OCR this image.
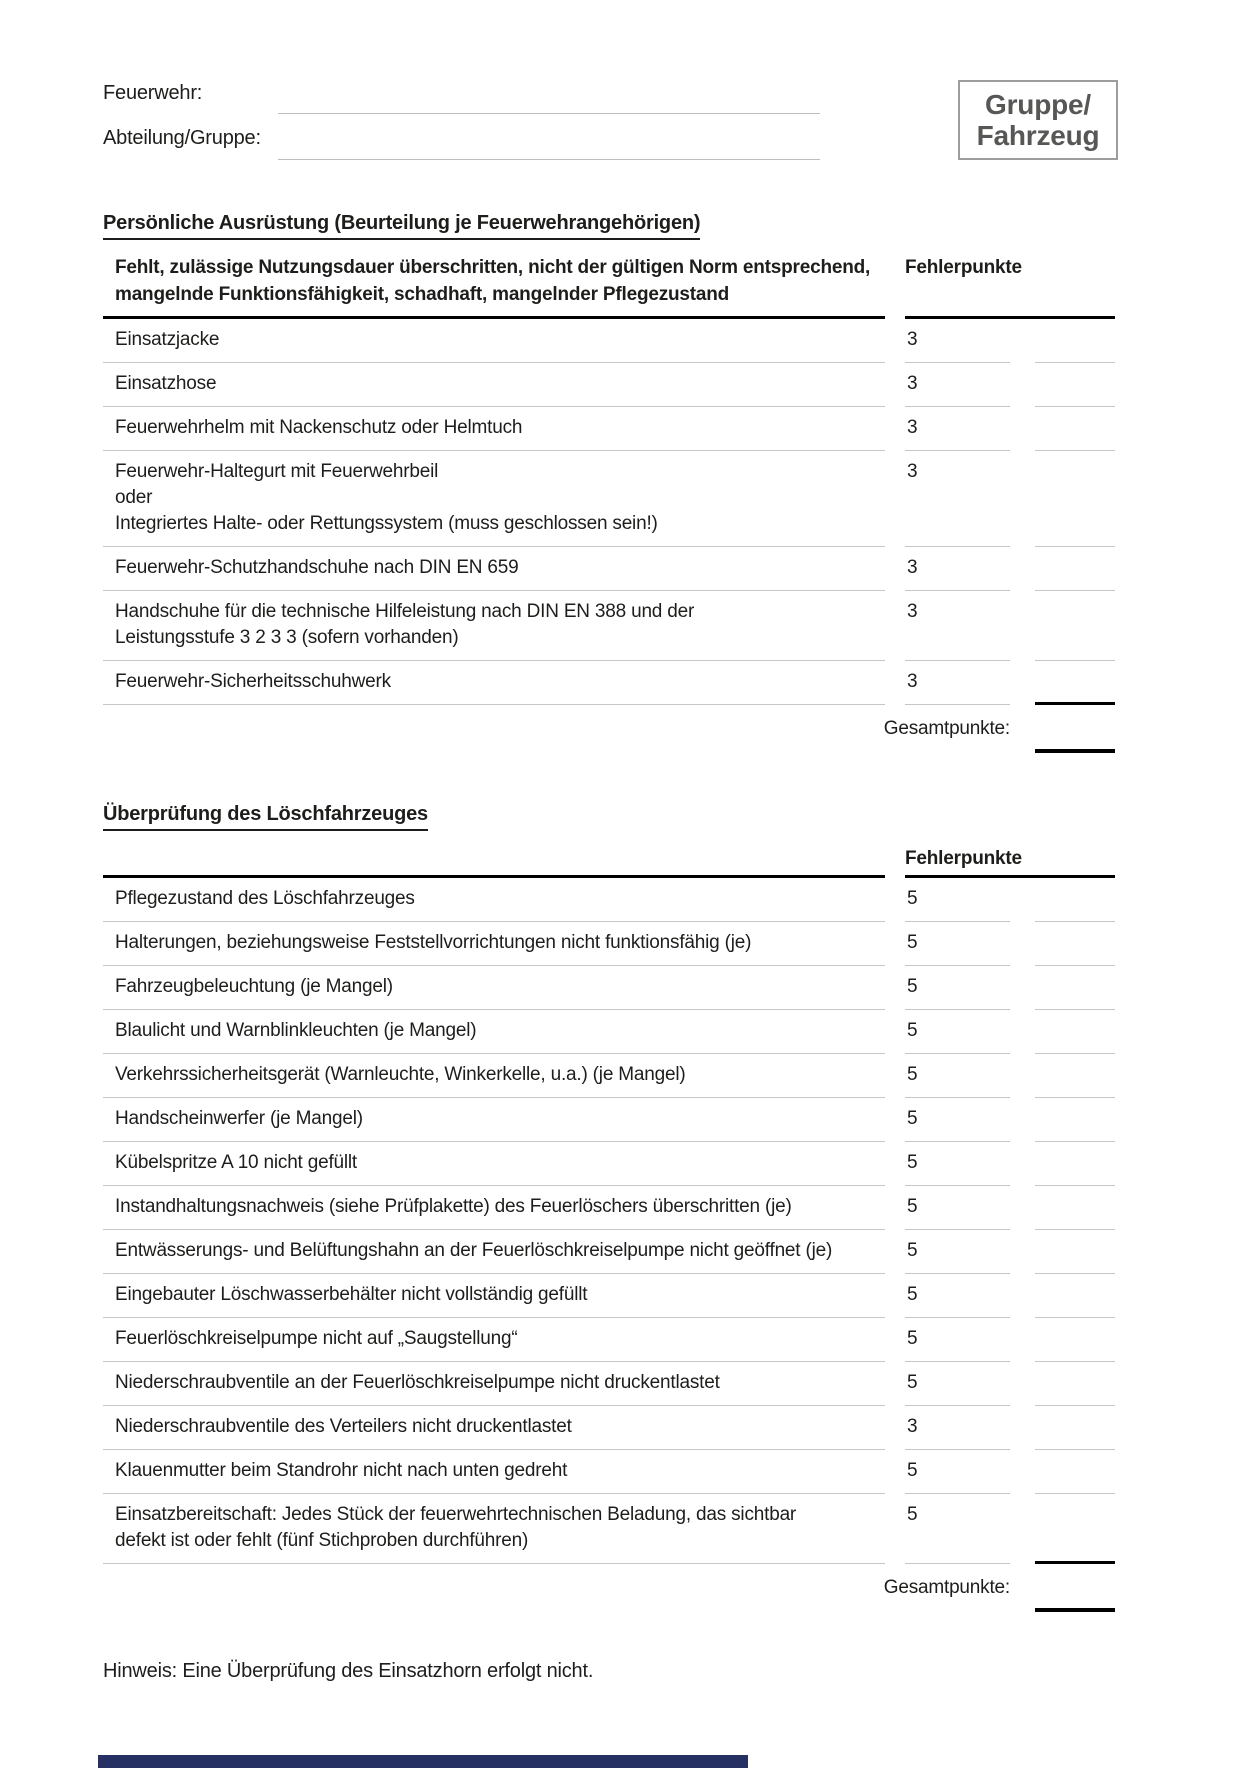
Feuerwehr:
Abteilung/Gruppe:
Gruppe/
Fahrzeug
Persönliche Ausrüstung (Beurteilung je Feuerwehrangehörigen)
Fehlt, zulässige Nutzungsdauer überschritten, nicht der gültigen Norm entsprechend, mangelnde Funktionsfähigkeit, schadhaft, mangelnder Pflegezustand
Fehlerpunkte
Einsatzjacke	3
Einsatzhose	3
Feuerwehrhelm mit Nackenschutz oder Helmtuch	3
Feuerwehr-Haltegurt mit Feuerwehrbeil
oder
Integriertes Halte- oder Rettungssystem (muss geschlossen sein!)
3
Feuerwehr-Schutzhandschuhe nach DIN EN 659	3
Handschuhe für die technische Hilfeleistung nach DIN EN 388 und der
Leistungsstufe 3 2 3 3 (sofern vorhanden)
3
Feuerwehr-Sicherheitsschuhwerk	3
Gesamtpunkte:
Überprüfung des Löschfahrzeuges
Fehlerpunkte
Pflegezustand des Löschfahrzeuges	5
Halterungen, beziehungsweise Feststellvorrichtungen nicht funktionsfähig (je)	5
Fahrzeugbeleuchtung (je Mangel)	5
Blaulicht und Warnblinkleuchten (je Mangel)	5
Verkehrssicherheitsgerät (Warnleuchte, Winkerkelle, u.a.) (je Mangel)	5
Handscheinwerfer (je Mangel)	5
Kübelspritze A 10 nicht gefüllt	5
Instandhaltungsnachweis (siehe Prüfplakette) des Feuerlöschers überschritten (je)	5
Entwässerungs- und Belüftungshahn an der Feuerlöschkreiselpumpe nicht geöffnet (je)	5
Eingebauter Löschwasserbehälter nicht vollständig gefüllt	5
Feuerlöschkreiselpumpe nicht auf „Saugstellung“	5
Niederschraubventile an der Feuerlöschkreiselpumpe nicht druckentlastet	5
Niederschraubventile des Verteilers nicht druckentlastet	3
Klauenmutter beim Standrohr nicht nach unten gedreht	5
Einsatzbereitschaft: Jedes Stück der feuerwehrtechnischen Beladung, das sichtbar
defekt ist oder fehlt (fünf Stichproben durchführen)
5
Gesamtpunkte:
Hinweis: Eine Überprüfung des Einsatzhorn erfolgt nicht.
